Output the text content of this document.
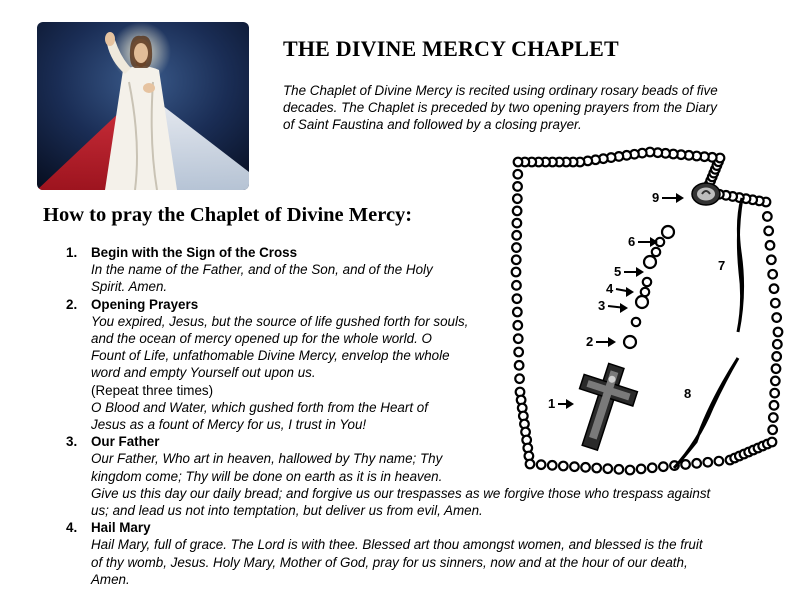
THE DIVINE MERCY CHAPLET
The Chaplet of Divine Mercy is recited using ordinary rosary beads of five
decades. The Chaplet is preceded by two opening prayers from the Diary
of Saint Faustina and followed by a closing prayer.
How to pray the Chaplet of Divine Mercy:
1. Begin with the Sign of the Cross
In the name of the Father, and of the Son, and of the Holy
Spirit. Amen.
2. Opening Prayers
You expired, Jesus, but the source of life gushed forth for souls,
and the ocean of mercy opened up for the whole world. O
Fount of Life, unfathomable Divine Mercy, envelop the whole
word and empty Yourself out upon us.
(Repeat three times)
O Blood and Water, which gushed forth from the Heart of
Jesus as a fount of Mercy for us, I trust in You!
3. Our Father
Our Father, Who art in heaven, hallowed by Thy name; Thy
kingdom come; Thy will be done on earth as it is in heaven.
Give us this day our daily bread; and forgive us our trespasses as we forgive those who trespass against
us; and lead us not into temptation, but deliver us from evil, Amen.
4. Hail Mary
Hail Mary, full of grace. The Lord is with thee. Blessed art thou amongst women, and blessed is the fruit
of thy womb, Jesus. Holy Mary, Mother of God, pray for us sinners, now and at the hour of our death,
Amen.
1
2
3
4
5
6
7
8
9
